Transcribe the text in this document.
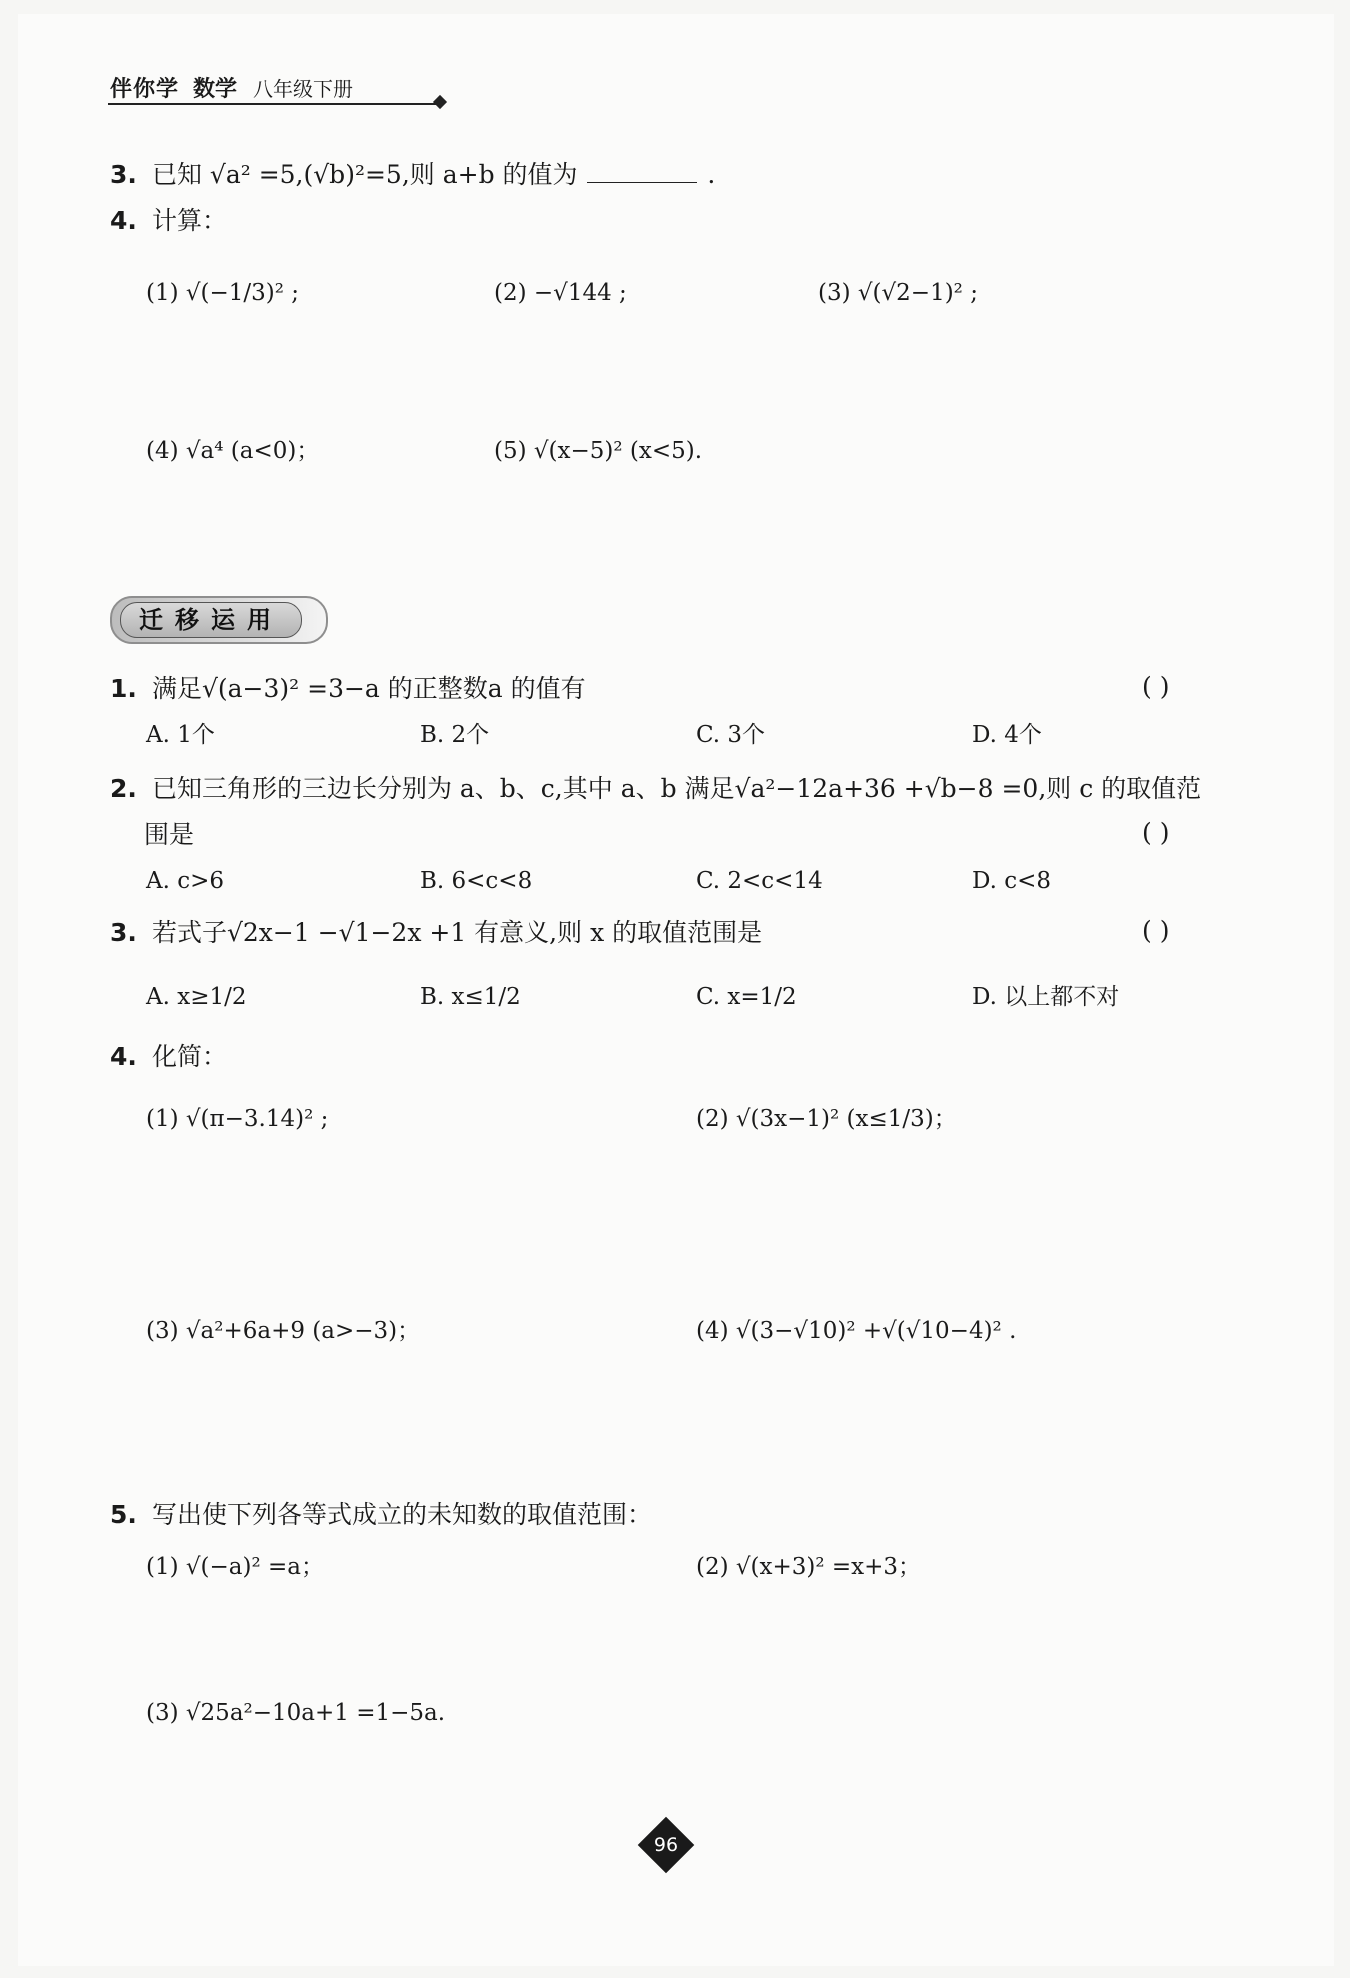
伴你学 数学 八年级下册
3. 已知 √a² =5,(√b)²=5,则 a+b 的值为	.
4. 计算：
(1) √(−1/3)² ;	(2) −√144 ;	(3) √(√2−1)² ;
(4) √a⁴ (a<0)；	(5) √(x−5)² (x<5).
迁移运用
1. 满足√(a−3)² =3−a 的正整数a 的值有	( )
A. 1个	B. 2个	C. 3个	D. 4个
2. 已知三角形的三边长分别为 a、b、c,其中 a、b 满足√a²−12a+36 +√b−8 =0,则 c 的取值范
围是	( )
A. c>6	B. 6<c<8	C. 2<c<14	D. c<8
3. 若式子√2x−1 −√1−2x +1 有意义,则 x 的取值范围是	( )
A. x≥1/2	B. x≤1/2	C. x=1/2	D. 以上都不对
4. 化简：
(1) √(π−3.14)² ;	(2) √(3x−1)² (x≤1/3)；
(3) √a²+6a+9 (a>−3)；	(4) √(3−√10)² +√(√10−4)² .
5. 写出使下列各等式成立的未知数的取值范围：
(1) √(−a)² =a；	(2) √(x+3)² =x+3；
(3) √25a²−10a+1 =1−5a.
96
